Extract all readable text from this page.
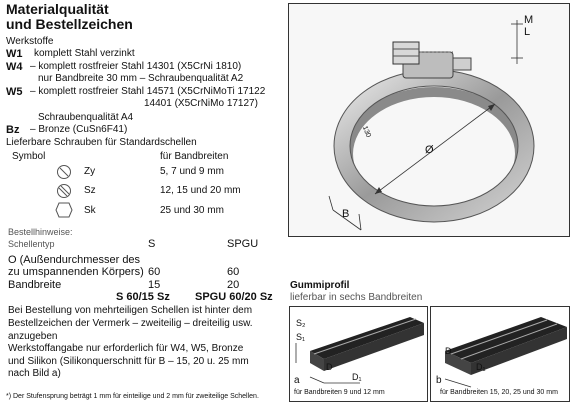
Materialqualität
und Bestellzeichen
Werkstoffe
W1 komplett Stahl verzinkt
W4 – komplett rostfreier Stahl 14301 (X5CrNi 1810)
nur Bandbreite 30 mm – Schraubenqualität A2
W5 – komplett rostfreier Stahl 14571 (X5CrNiMoTi 17122
14401 (X5CrNiMo 17127)
Schraubenqualität A4
Bz – Bronze (CuSn6F41)
Lieferbare Schrauben für Standardschellen
Symbol	für Bandbreiten
Zy	5, 7 und 9 mm
Sz	12, 15 und 20 mm
Sk	25 und 30 mm
Bestellhinweise:
Schellentyp	S	SPGU
O (Außendurchmesser des
zu umspannenden Körpers) 60	60
Bandbreite	15	20
S 60/15 Sz SPGU 60/20 Sz
Bei Bestellung von mehrteiligen Schellen ist hinter dem
Bestellzeichen der Vermerk – zweiteilig – dreiteilig usw.
anzugeben
Werkstoffangabe nur erforderlich für W4, W5, Bronze
und Silikon (Silikonquerschnitt für B – 15, 20 u. 25 mm
nach Bild a)
*) Der Stufensprung beträgt 1 mm für einteilige und 2 mm für zweiteilige Schellen.
M
L
Ø
B
130
Gummiprofil
lieferbar in sechs Bandbreiten
S₂
S₁
D
D₁
a
für Bandbreiten 9 und 12 mm
D
D₁
b
für Bandbreiten 15, 20, 25 und 30 mm
